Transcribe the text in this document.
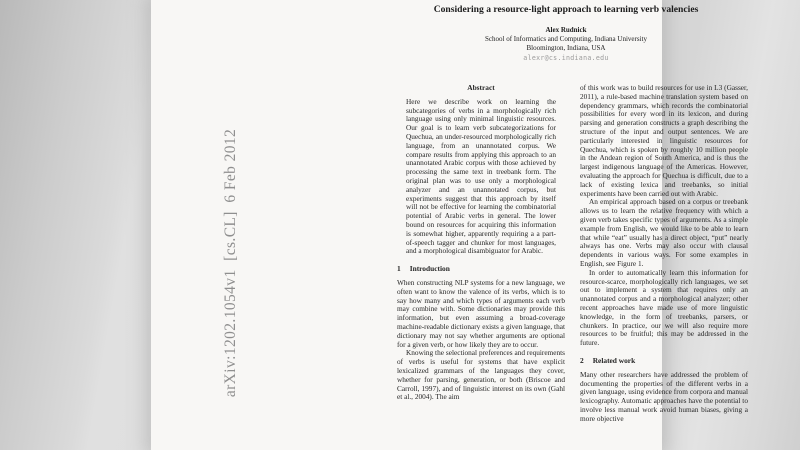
Considering a resource-light approach to learning verb valencies
Alex Rudnick
School of Informatics and Computing, Indiana University
Bloomington, Indiana, USA
alexr@cs.indiana.edu
Abstract

Here we describe work on learning the subcategories of verbs in a morphologically rich language using only minimal linguistic resources. Our goal is to learn verb subcategorizations for Quechua, an under-resourced morphologically rich language, from an unannotated corpus. We compare results from applying this approach to an unannotated Arabic corpus with those achieved by processing the same text in treebank form. The original plan was to use only a morphological analyzer and an unannotated corpus, but experiments suggest that this approach by itself will not be effective for learning the combinatorial potential of Arabic verbs in general. The lower bound on resources for acquiring this information is somewhat higher, apparently requiring a a part-of-speech tagger and chunker for most languages, and a morphological disambiguator for Arabic.

1 Introduction

When constructing NLP systems for a new language, we often want to know the valence of its verbs, which is to say how many and which types of arguments each verb may combine with. Some dictionaries may provide this information, but even assuming a broad-coverage machine-readable dictionary exists a given language, that dictionary may not say whether arguments are optional for a given verb, or how likely they are to occur.

Knowing the selectional preferences and requirements of verbs is useful for systems that have explicit lexicalized grammars of the languages they cover, whether for parsing, generation, or both (Briscoe and Carroll, 1997), and of linguistic interest on its own (Gahl et al., 2004). The aim

of this work was to build resources for use in L3 (Gasser, 2011), a rule-based machine translation system based on dependency grammars, which records the combinatorial possibilities for every word in its lexicon, and during parsing and generation constructs a graph describing the structure of the input and output sentences. We are particularly interested in linguistic resources for Quechua, which is spoken by roughly 10 million people in the Andean region of South America, and is thus the largest indigenous language of the Americas. However, evaluating the approach for Quechua is difficult, due to a lack of existing lexica and treebanks, so initial experiments have been carried out with Arabic.

An empirical approach based on a corpus or treebank allows us to learn the relative frequency with which a given verb takes specific types of arguments. As a simple example from English, we would like to be able to learn that while “eat” usually has a direct object, “put” nearly always has one. Verbs may also occur with clausal dependents in various ways. For some examples in English, see Figure 1.

In order to automatically learn this information for resource-scarce, morphologically rich languages, we set out to implement a system that requires only an unannotated corpus and a morphological analyzer; other recent approaches have made use of more linguistic knowledge, in the form of treebanks, parsers, or chunkers. In practice, our we will also require more resources to be fruitful; this may be addressed in the future.

2 Related work

Many other researchers have addressed the problem of documenting the properties of the different verbs in a given language, using evidence from corpora and manual lexicography. Automatic approaches have the potential to involve less manual work avoid human biases, giving a more objective

arXiv:1202.1054v1  [cs.CL]  6 Feb 2012
